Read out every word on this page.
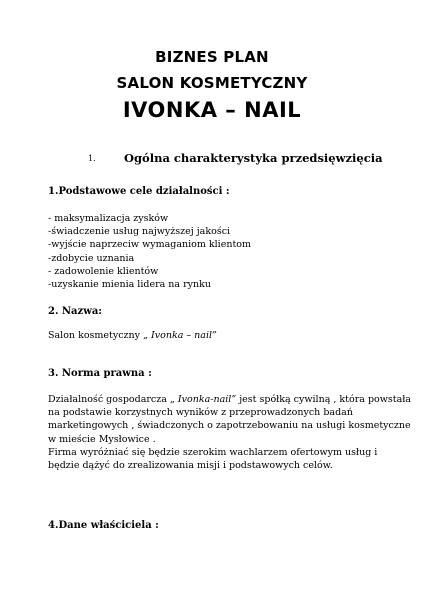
BIZNES PLAN
SALON KOSMETYCZNY
IVONKA – NAIL
1. Ogólna charakterystyka przedsięwzięcia
1.Podstawowe cele działalności :
- maksymalizacja zysków
-świadczenie usług najwyższej jakości
-wyjście naprzeciw wymaganiom klientom
-zdobycie uznania
- zadowolenie klientów
-uzyskanie mienia lidera na rynku
2. Nazwa:
Salon kosmetyczny „ Ivonka – nail”
3. Norma prawna :
Działalność gospodarcza „ Ivonka-nail” jest spółką cywilną , która powstała
na podstawie korzystnych wyników z przeprowadzonych badań
marketingowych , świadczonych o zapotrzebowaniu na usługi kosmetyczne
w mieście Mysłowice .
Firma wyróżniać się będzie szerokim wachlarzem ofertowym usług i
będzie dążyć do zrealizowania misji i podstawowych celów.
4.Dane właściciela :
